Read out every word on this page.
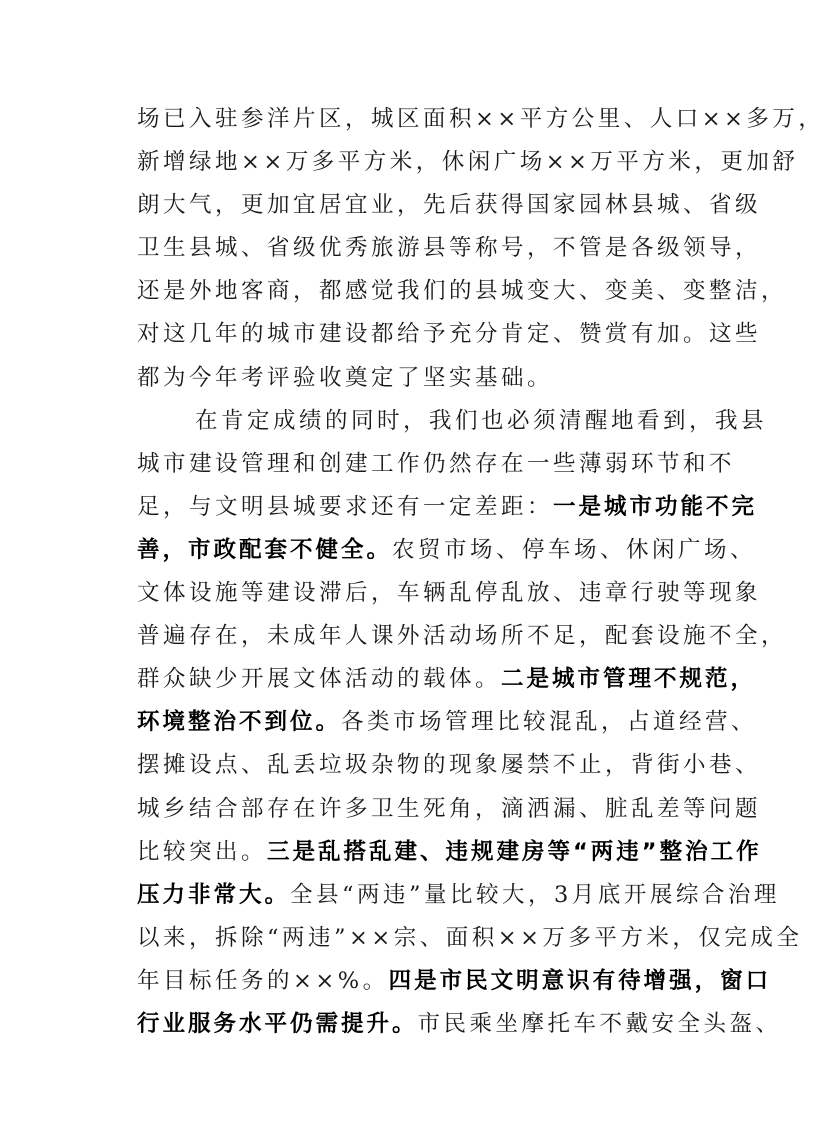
场已入驻参洋片区，城区面积××平方公里、人口××多万，
新增绿地××万多平方米，休闲广场××万平方米，更加舒
朗大气，更加宜居宜业，先后获得国家园林县城、省级
卫生县城、省级优秀旅游县等称号，不管是各级领导，
还是外地客商，都感觉我们的县城变大、变美、变整洁，
对这几年的城市建设都给予充分肯定、赞赏有加。这些
都为今年考评验收奠定了坚实基础。
在肯定成绩的同时，我们也必须清醒地看到，我县
城市建设管理和创建工作仍然存在一些薄弱环节和不
足，与文明县城要求还有一定差距：一是城市功能不完
善，市政配套不健全。农贸市场、停车场、休闲广场、
文体设施等建设滞后，车辆乱停乱放、违章行驶等现象
普遍存在，未成年人课外活动场所不足，配套设施不全，
群众缺少开展文体活动的载体。二是城市管理不规范，
环境整治不到位。各类市场管理比较混乱，占道经营、
摆摊设点、乱丢垃圾杂物的现象屡禁不止，背街小巷、
城乡结合部存在许多卫生死角，滴洒漏、脏乱差等问题
比较突出。三是乱搭乱建、违规建房等“两违”整治工作
压力非常大。全县“两违”量比较大，3月底开展综合治理
以来，拆除“两违”××宗、面积××万多平方米，仅完成全
年目标任务的××%。四是市民文明意识有待增强，窗口
行业服务水平仍需提升。市民乘坐摩托车不戴安全头盔、
